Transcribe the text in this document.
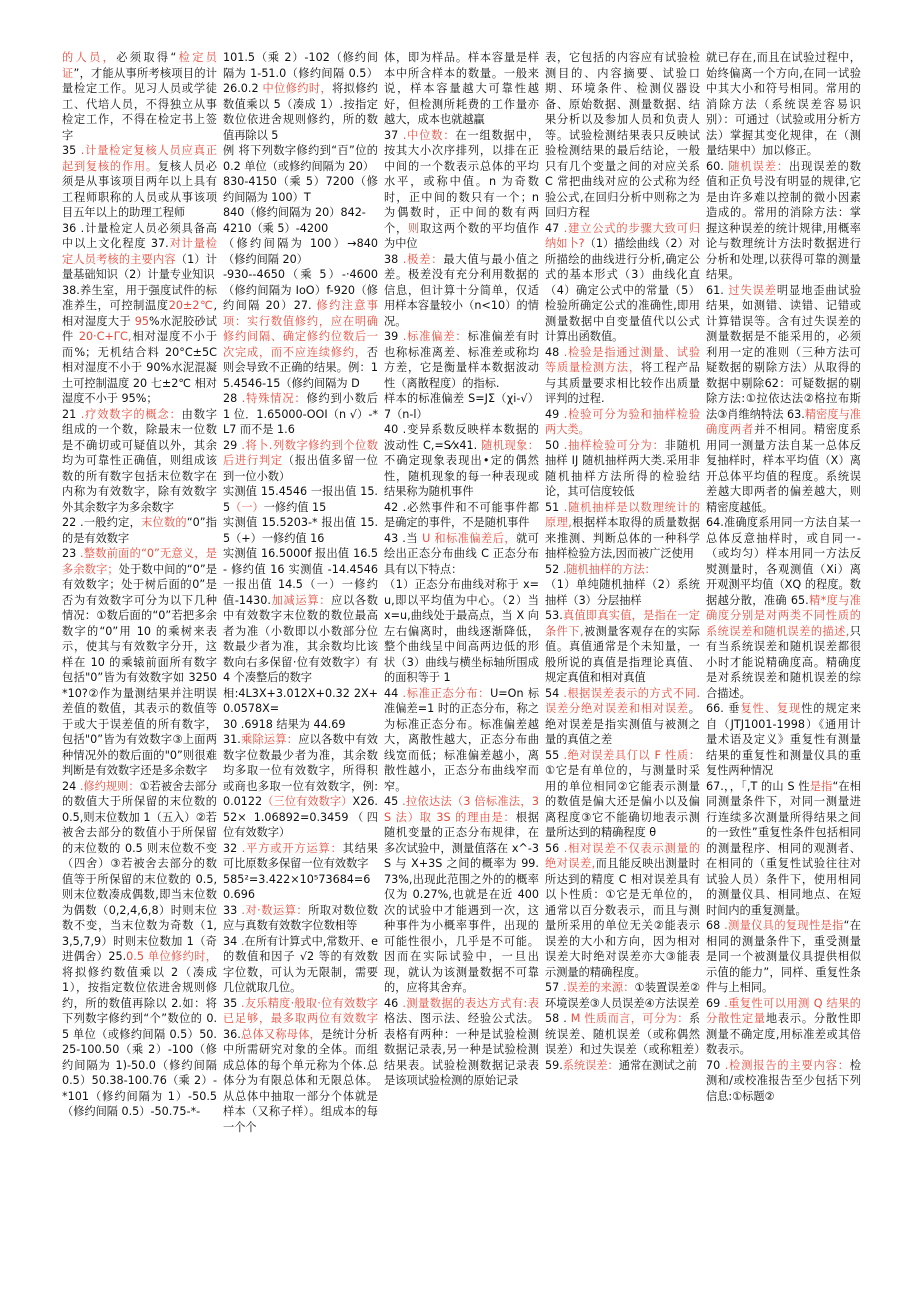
的人员，必须取得“检定员证”，才能从事所考核项目的计量检定工作。见习人员或学徒工、代培人员，不得独立从事检定工作，不得在检定书上签字

35 .计量检定复核人员应真正起到复核的作用。复核人员必须是从事该项目两年以上具有工程师职称的人员或从事该项目五年以上的助理工程师

36 .计量检定人员必须具备高中以上文化程度 37.对计量检定人员考核的主要内容（1）计量基础知识（2）计量专业知识

38.养生室，用于强度试件的标准养生，可控制温度20±2℃,相对湿度大于 95%水泥胶砂试件 20·C+ΓC,相对湿度不小于而%；无机结合料 20°C±5C 相对湿度不小于 90%水泥混凝土可控制温度 20 七±2℃ 相对湿度不小于 95%；

21 .疗效数字的概念：由数字组成的一个数，除最末一位数是不确切或可疑值以外，其余均为可靠性正确值，则组成该数的所有数字包括末位数字在内称为有效数字，除有效数字外其余数字为多余数字

22 .一般约定，末位数的“0”指的是有效数字

23 .整数前面的“0”无意义，是多余数字；处于数中间的“0”是有效数字；处于树后面的0”是否为有效数字可分为以下几种情况：①数后面的“0”若把多余数字的“0”用 10 的乘树来表示，使其与有效数字分开，这样在 10 的乘辕前面所有数字包括"0”皆为有效数字如 3250*10?②作为量测结果并注明误差值的数值，其表示的数值等于或大于误差值的所有数字，包括"0”皆为有效数字③上面两种情况外的数后面的"0”则很难判断是有效数字还是多余数字

24 .修约规则：①若被舍去部分的数值大于所保留的末位数的 0.5,则末位数加 1（五入）②若被舍去部分的数值小于所保留的末位数的 0.5 则末位数不变（四舍）③若被舍去部分的数值等于所保留的末位数的 0.5,则末位数凑成偶数,即当末位数为偶数（0,2,4,6,8）时则末位数不变，当末位数为奇数（1,3,5,7,9）时则末位数加 1（奇进偶舍）25.0.5 单位修约时，将拟修约数值乘以 2（凑成 1），按指定数位依进舍规则修约，所的数值再除以 2.如：将下列数字修约到“个”数位的 0.5 单位（或修约间隔 0.5）50.25-100.50（乘 2）-100（修约间隔为 1)-50.0（修约间隔 0.5）50.38-100.76（乘 2）-*101（修约间隔为 1）-50.5（修约间隔 0.5）-50.75-*-

101.5（乘 2）-102（修约间隔为 1-51.0（修约间隔 0.5）26.0.2 中位修约时，将拟修约数值乘以 5（凑成 1）.按指定数位依进舍规则修约，所的数值再除以 5

例 将下列数字修约到“百”位的 0.2 单位（或修约间隔为 20）

830-4150（乘 5）7200（修约间隔为 100）T

840（修约间隔为 20）842-

4210（乘 5）-4200

（修约间隔为 100）→840（修约间隔 20）

-930--4650（乘 5）-·4600（修约间隔为 IoO）f-920（修约间隔 20）27. 修约注意事项：实行数值修约，应在明确修约间隔、确定修约位数后一次完成，而不应连续修约，否则会导致不正确的结果。例：15.4546-15（修约间隔为 D

28 .特殊情况：修约到小数后 1 位．1.65000-OOI（n √）-*L7 而不是 1.6

29 .将卜.列数字修约到个位数后进行判定（报出值多留一位到一位小数）

实测值 15.4546 一报出值 15.5（一）一修约值 15

实测值 15.5203-* 报出值 15.5（+）一修约值 16

实测值 16.5000f 报出值 16.5- 修约值 16 实测值 -14.4546 一报出值 14.5（一）一修约值-1430.加减运算：应以各数中有效数字末位数的数位最高者为准（小数即以小数部分位数最少者为准，其余数均比该数向右多保留·位有效数字）有 4 个凑整后的数字

相:4L3X+3.012X+0.32 2X+0.0578X=

30 .6918 结果为 44.69

31.乘除运算：应以各数中有效数字位数最少者为准，其余数均多取一位有效数字，所得积或商也多取一位有效数字，例:0.0122（三位有效数字）X26.52× 1.06892=0.3459（四位有效数字）

32 .平方或开方运算：其结果可比原数多保留一位有效数字

585²=3.422×10⁵73684=60.696

33 .对·数运算：所取对数位数应与真数有效数字位数相等

34 .在所有计算式中,常数开、e 的数值和因子 √2 等的有效数字位数，可认为无限制，需要几位就取几位。

35 .友乐精度·般取·位有效数字已足够，最多取两位有效数字 36.总体又称母体，是统计分析中所需研究对象的全体。而组成总体的每个单元称为个体.总体分为有限总体和无限总体。从总体中抽取一部分个体就是样本（又称子样）。组成本的每一个个

体，即为样品。样本容量是样本中所含样本的数量。一般来说，样本容量越大可靠性越好，但检测所耗费的工作量亦越大，成本也就越贏

37 .中位数：在一组数据中，按其大小次序排列，以排在正中间的一个数表示总体的平均水平，或称中值。n 为奇数时，正中间的数只有一个；n 为偶数时，正中间的数有两个，则取这两个数的平均值作为中位

38 .极差：最大值与最小值之差。极差没有充分利用数据的信息，但计算十分简单，仅适用样本容量较小（n<10）的情况。

39 .标准偏差：标准偏差有时也称标准离差、标准差或称均方差，它是衡量样本数据波动性（离散程度）的指标.

样本的标准偏差 S=JΣ（χi-√）7（n-l）

40 .变异系数反映样本数据的波动性 C,=S⁄x41. 随机现象：不确定现象表现出•定的偶然性，随机现象的每一种表现或结果称为随机事件

42 .必然事件和不可能事件都是确定的事件，不是随机事件

43 .当 U 和标准偏差后，就可绘出正态分布曲线 C 正态分布具有以下特点：

（1）正态分布曲线对称于 x=u,即以平均值为中心。（2）当 x=u,曲线处于最高点，当 X 向左右偏离时，曲线逐渐降低，整个曲线呈中间高两边低的形状（3）曲线与横坐标轴所围成的面积等于 1

44 .标准正态分布：U=On 标准偏差=1 时的正态分布，称之为标准正态分布。标准偏差越大，离散性越大，正态分布曲线宽而低；标准偏差越小，离散性越小，正态分布曲线窄而窄。

45 .拉依达法（3 倍标准法，3S 法）取 3S 的理由是：根据随机变量的正态分布规律，在多次试验中，测量值落在 x^-3S 与 X+3S 之间的概率为 99.73%,出现此范围之外的的概率仅为 0.27%,也就是在近 400 次的试验中才能遇到一次，这种事件为小概率事件，出现的可能性很小，几乎是不可能。因而在实际试验中，一旦出现，就认为该测量数据不可靠的，应将其舍弃。

46 .测量数据的表达方式有:表格法、图示法、经验公式法。表格有两种：一种是试验检测数据记录表,另一种是试验检测结果表。试验检测数据记录表是该项试验检测的原始记录

表，它包括的内容应有试验检测目的、内容摘要、试验口期、环境条件、检测仪器设备、原始数据、测量数据、结果分析以及参加人员和负责人等。试验检测结果表只反映试验检测结果的最后结论，一般只有几个变量之间的对应关系 C 常把曲线对应的公式称为经验公式,在回归分析中则称之为回归方程

47 .建立公式的步骤大致可归纳如卜?（1）描绘曲线（2）对所描绘的曲线进行分析,确定公式的基本形式（3）曲线化直（4）确定公式中的常量（5）检验所确定公式的准确性,即用测量数据中自变量值代以公式计算出函数值。

48 .检验是指通过测量、试验等质量检测方法，将工程产品与其质量要求相比较作出质量评判的过程.

49 .检验可分为验和抽样检验两大类。

50 .抽样检验可分为：非随机抽样 IJ 随机抽样两大类.采用非随机抽样方法所得的检验结论，其可信度较低

51 .随机抽样是以数理统计的原理,根据样本取得的质量数据来推测、判断总体的一种科学抽样检验方法,因而被广泛使用

52 .随机抽样的方法：

（1）单纯随机抽样（2）系统抽样（3）分层抽样

53.真值即真实值，是指在一定条件下,被测量客观存在的实际值。真值通常是个未知量，一般所说的真值是指理论真值、规定真值和相对真值

54 .根据误差表示的方式不同.误差分绝对误差和相对误差。绝对误差是指实测值与被测之量的真值之差

55 .绝对误差具仃以 F 性质：①它是有单位的，与测量时采用的单位相同②它能表示测量的数值是偏大还是偏小以及偏离程度③它不能确切地表示测量所达到的精确程度 θ

56 .相对误差不仅表示测量的绝对误差,而且能反映出测量时所达到的精度 C 相对误差具有以卜性质：①它是无单位的，通常以百分数表示，而且与测量所采用的单位无关②能表示误差的大小和方向，因为相对误差大时绝对误差亦大③能表示测量的精确程度。

57 .误差的来源：①装置误差②环境误差③人员误差④方法误差

58 . M 性质而言，可分为：系统误差、随机误差（或称偶然误差）和过失误差（或称粗差）59.系统误差：通常在测试之前

就已存在,而且在试验过程中，始终偏离一个方向,在同一试验中其大小和符号相同。常用的消除方法（系统误差容易识别）：可通过（试验或用分析方法）掌握其变化规律，在（测量结果中）加以修正。

60. 随机误差：出现误差的数值和正负号没有明显的规律,它是由许多难以控制的微小因素造成的。常用的消除方法：掌握这种误差的统计规律,用概率论与数理统计方法时数据进行分析和处理,以获得可靠的测量结果。

61. 过失误差明显地歪曲试验结果，如测错、读错、记错或计算错误等。含有过失误差的测量数据是不能采用的，必须利用一定的准则（三种方法可疑数据的剔除方法）从取得的数据中剔除62：可疑数据的剔除方法:①拉依达法②格拉布斯法③肖维纳特法 63.精密度与准确度两者并不相同。精密度系用同一测量方法自某一总体反复抽样时，样本平均值（X）离开总体平均值的程度。系统误差越大即两者的偏差越大，则精密度越低。

64.准确度系用同一方法自某一总体反意抽样时，或自同一-（或均匀）样本用同一方法反熨测量时，各观测值（Xi）离开观测平均值（XQ 的程度。数据越分散，准确 65.精*度与准确度分别是对两类不同性质的系统误差和随机误差的描述,只有当系统误差和随机误差都很小时才能说精确度高。精确度是对系统误差和随机误差的综合描述。

66. 垂复性、复现性的规定来自（JTJ1001-1998）《通用计量术语及定义》重复性有测量结果的重复性和测量仪具的重复性两种情况

67.，，「,T 的山 S 性是指“在相同测量条件下，对同一测量进行连续多次测量所得结果之间的一致性”重复性条件包括相同的测量程序、相同的观测者、在相同的（重复性试验往往对试验人员）条件下，使用相同的测量仪具、相同地点、在短时间内的重复测量。

68 .测量仪具的复现性是指“在相同的测量条件下，重受测量是同一个被测量仪具提供相似示值的能力”，同样、重复性条件与上相同。

69 .重复性可以用测 Q 结果的分散性定量地表示。分散性即测量不确定度,用标准差或其倍数表示。

70 .检测报告的主要内容：检测和/或校准报告至少包括下列信息:①标题②
